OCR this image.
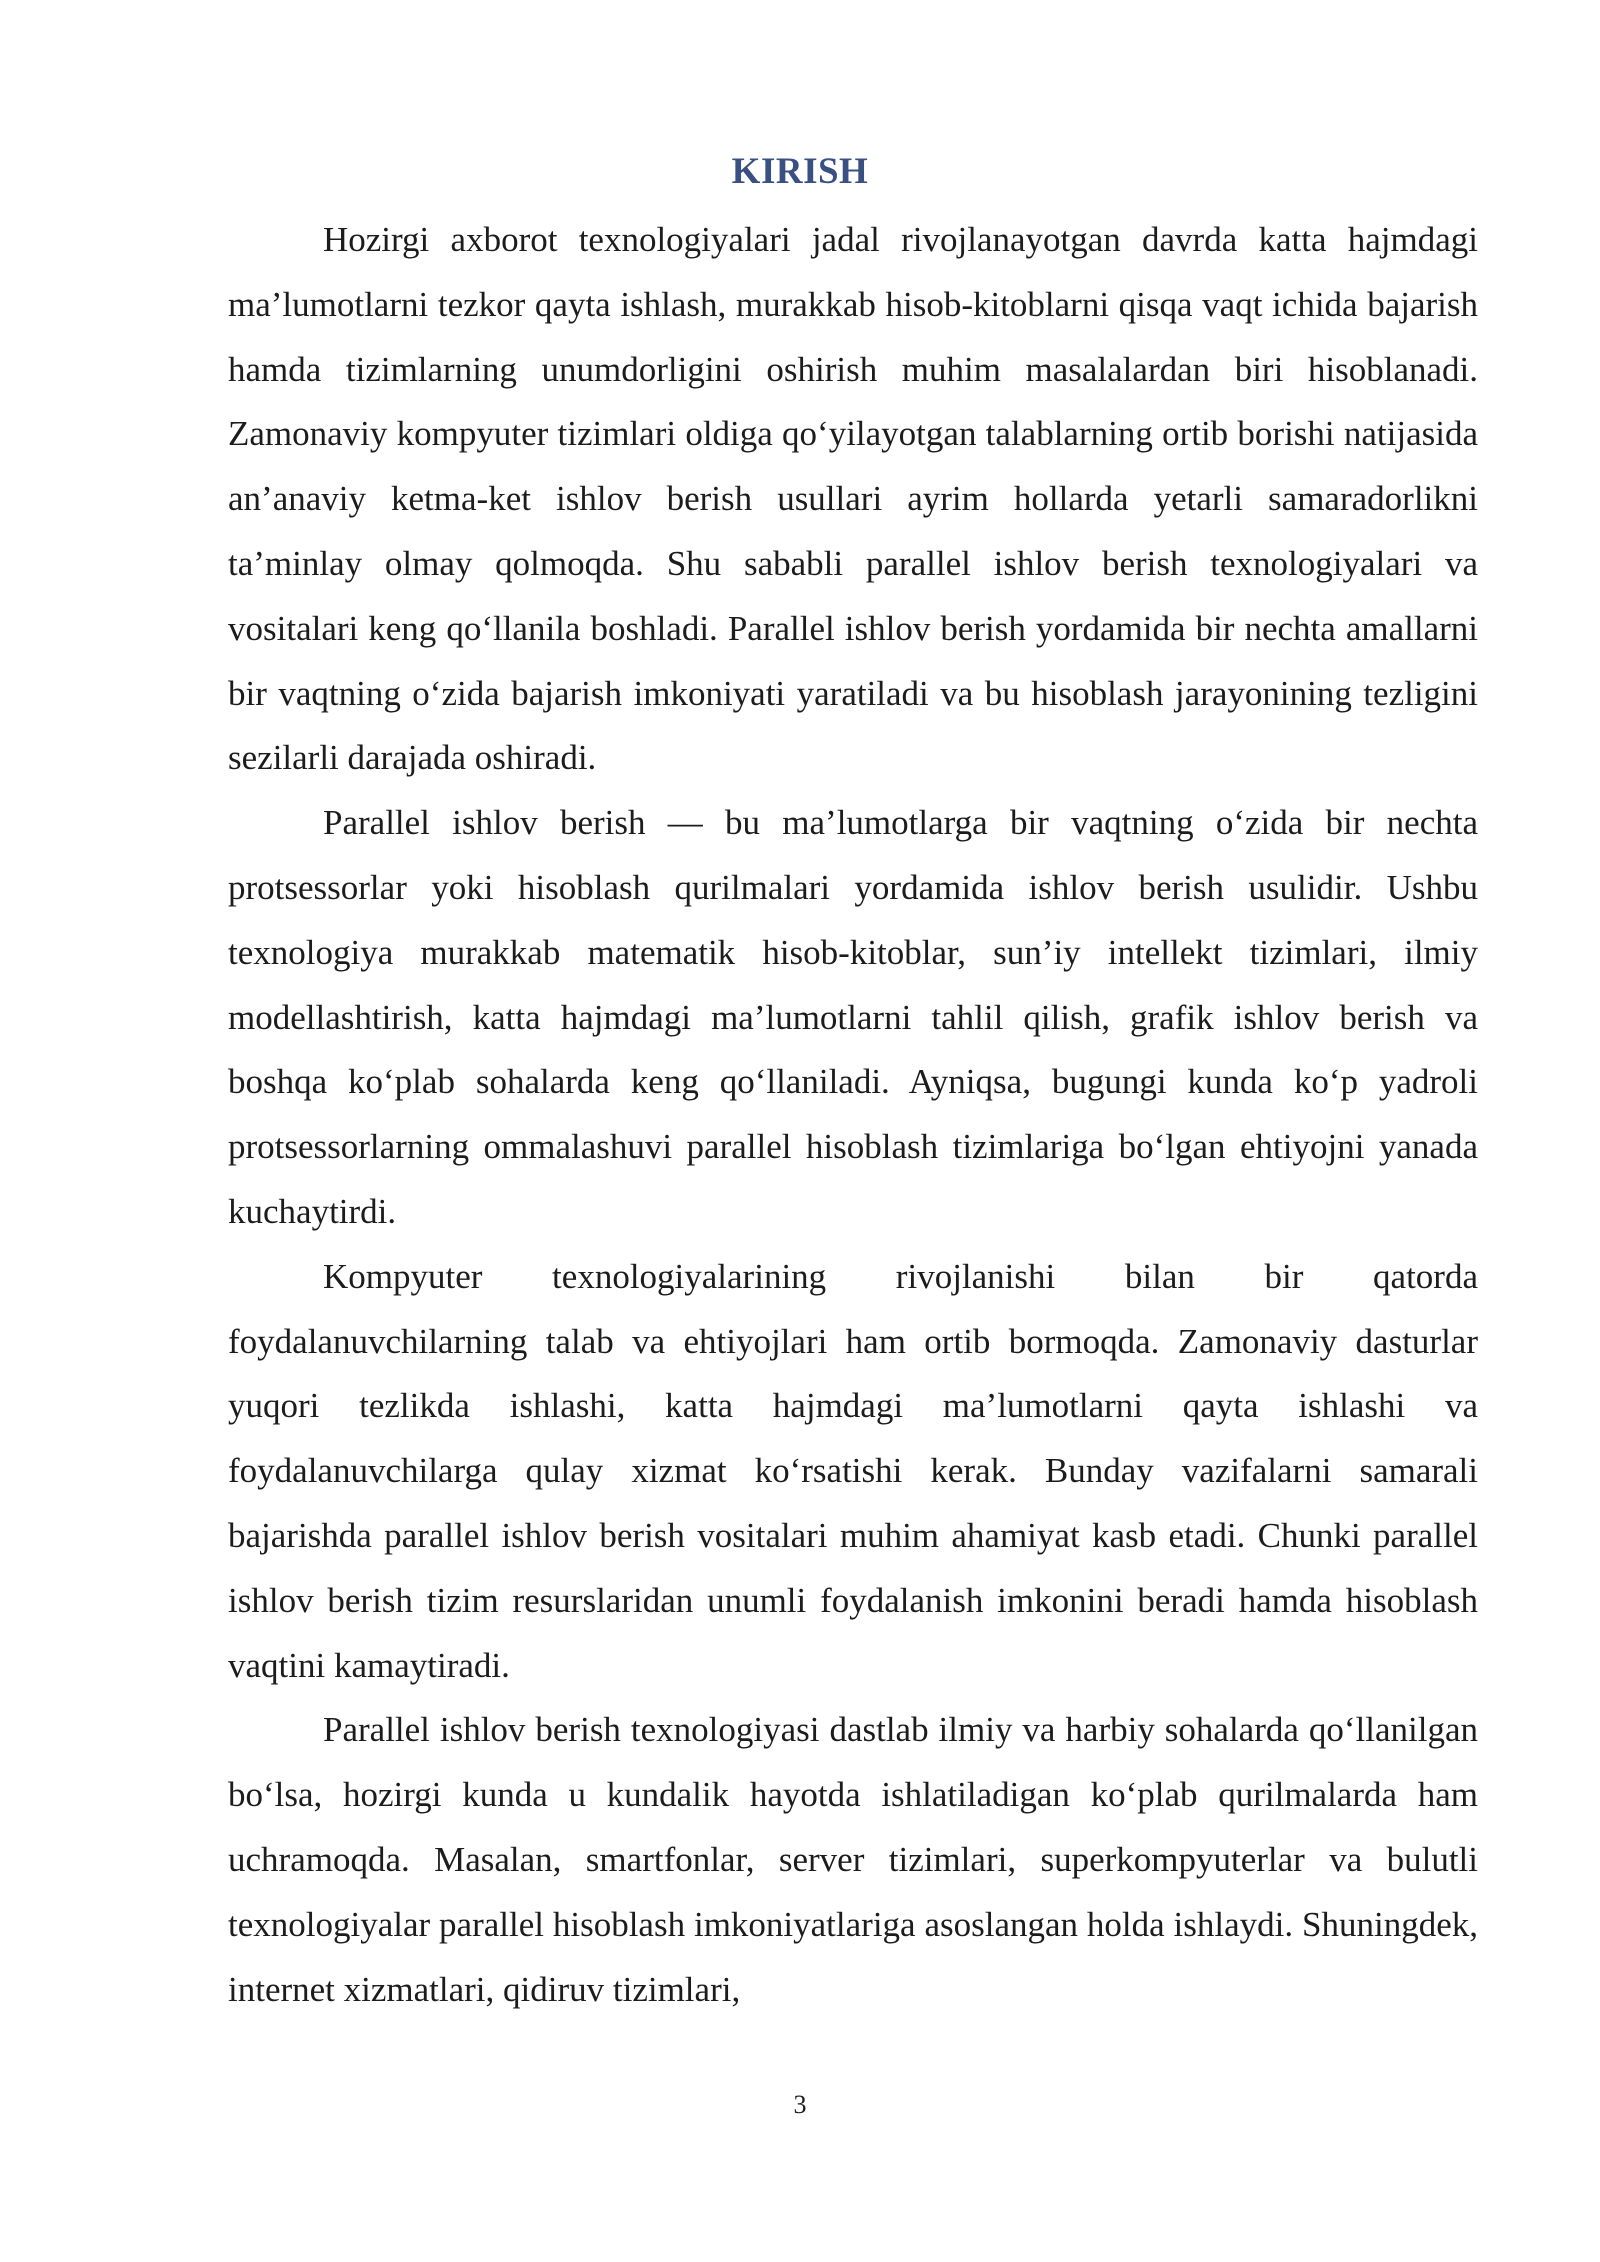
KIRISH

Hozirgi axborot texnologiyalari jadal rivojlanayotgan davrda katta hajmdagi ma’lumotlarni tezkor qayta ishlash, murakkab hisob-kitoblarni qisqa vaqt ichida bajarish hamda tizimlarning unumdorligini oshirish muhim masalalardan biri hisoblanadi. Zamonaviy kompyuter tizimlari oldiga qo‘yilayotgan talablarning ortib borishi natijasida an’anaviy ketma-ket ishlov berish usullari ayrim hollarda yetarli samaradorlikni ta’minlay olmay qolmoqda. Shu sababli parallel ishlov berish texnologiyalari va vositalari keng qo‘llanila boshladi. Parallel ishlov berish yordamida bir nechta amallarni bir vaqtning o‘zida bajarish imkoniyati yaratiladi va bu hisoblash jarayonining tezligini sezilarli darajada oshiradi.

Parallel ishlov berish — bu ma’lumotlarga bir vaqtning o‘zida bir nechta protsessorlar yoki hisoblash qurilmalari yordamida ishlov berish usulidir. Ushbu texnologiya murakkab matematik hisob-kitoblar, sun’iy intellekt tizimlari, ilmiy modellashtirish, katta hajmdagi ma’lumotlarni tahlil qilish, grafik ishlov berish va boshqa ko‘plab sohalarda keng qo‘llaniladi. Ayniqsa, bugungi kunda ko‘p yadroli protsessorlarning ommalashuvi parallel hisoblash tizimlariga bo‘lgan ehtiyojni yanada kuchaytirdi.

Kompyuter texnologiyalarining rivojlanishi bilan bir qatorda foydalanuvchilarning talab va ehtiyojlari ham ortib bormoqda. Zamonaviy dasturlar yuqori tezlikda ishlashi, katta hajmdagi ma’lumotlarni qayta ishlashi va foydalanuvchilarga qulay xizmat ko‘rsatishi kerak. Bunday vazifalarni samarali bajarishda parallel ishlov berish vositalari muhim ahamiyat kasb etadi. Chunki parallel ishlov berish tizim resurslaridan unumli foydalanish imkonini beradi hamda hisoblash vaqtini kamaytiradi.

Parallel ishlov berish texnologiyasi dastlab ilmiy va harbiy sohalarda qo‘llanilgan bo‘lsa, hozirgi kunda u kundalik hayotda ishlatiladigan ko‘plab qurilmalarda ham uchramoqda. Masalan, smartfonlar, server tizimlari, superkompyuterlar va bulutli texnologiyalar parallel hisoblash imkoniyatlariga asoslangan holda ishlaydi. Shuningdek, internet xizmatlari, qidiruv tizimlari,

3
